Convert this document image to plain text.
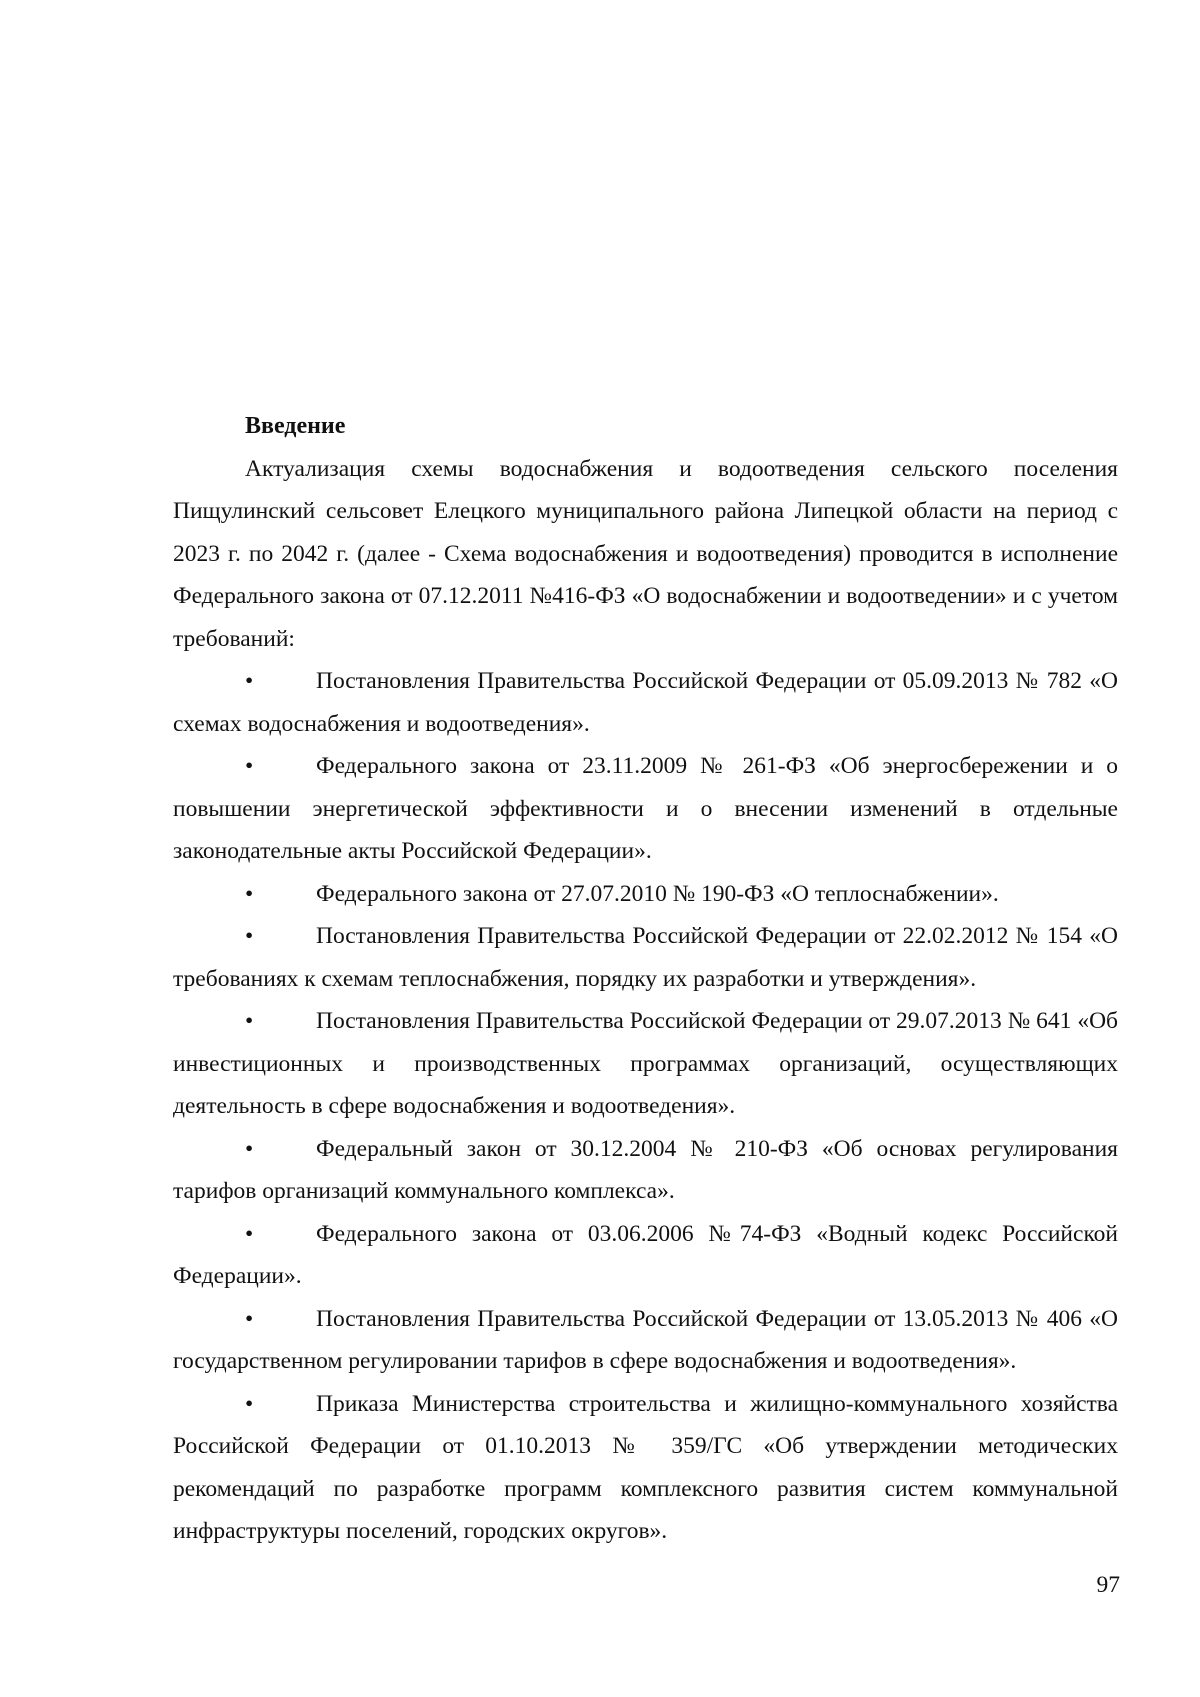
Введение

Актуализация схемы водоснабжения и водоотведения сельского поселения Пищулинский сельсовет Елецкого муниципального района Липецкой области на период с 2023 г. по 2042 г. (далее - Схема водоснабжения и водоотведения) проводится в исполнение Федерального закона от 07.12.2011 №416-ФЗ «О водоснабжении и водоотведении» и с учетом требований:

•	Постановления Правительства Российской Федерации от 05.09.2013 № 782 «О схемах водоснабжения и водоотведения».

•	Федерального закона от 23.11.2009 № 261-ФЗ «Об энергосбережении и о повышении энергетической эффективности и о внесении изменений в отдельные законодательные акты Российской Федерации».

•	Федерального закона от 27.07.2010 № 190-ФЗ «О теплоснабжении».

•	Постановления Правительства Российской Федерации от 22.02.2012 № 154 «О требованиях к схемам теплоснабжения, порядку их разработки и утверждения».

•	Постановления Правительства Российской Федерации от 29.07.2013 № 641 «Об инвестиционных и производственных программах организаций, осуществляющих деятельность в сфере водоснабжения и водоотведения».

•	Федеральный закон от 30.12.2004 № 210-ФЗ «Об основах регулирования тарифов организаций коммунального комплекса».

•	Федерального закона от 03.06.2006 №74-ФЗ «Водный кодекс Российской Федерации».

•	Постановления Правительства Российской Федерации от 13.05.2013 № 406 «О государственном регулировании тарифов в сфере водоснабжения и водоотведения».

•	Приказа Министерства строительства и жилищно-коммунального хозяйства Российской Федерации от 01.10.2013 № 359/ГС «Об утверждении методических рекомендаций по разработке программ комплексного развития систем коммунальной инфраструктуры поселений, городских округов».

97
